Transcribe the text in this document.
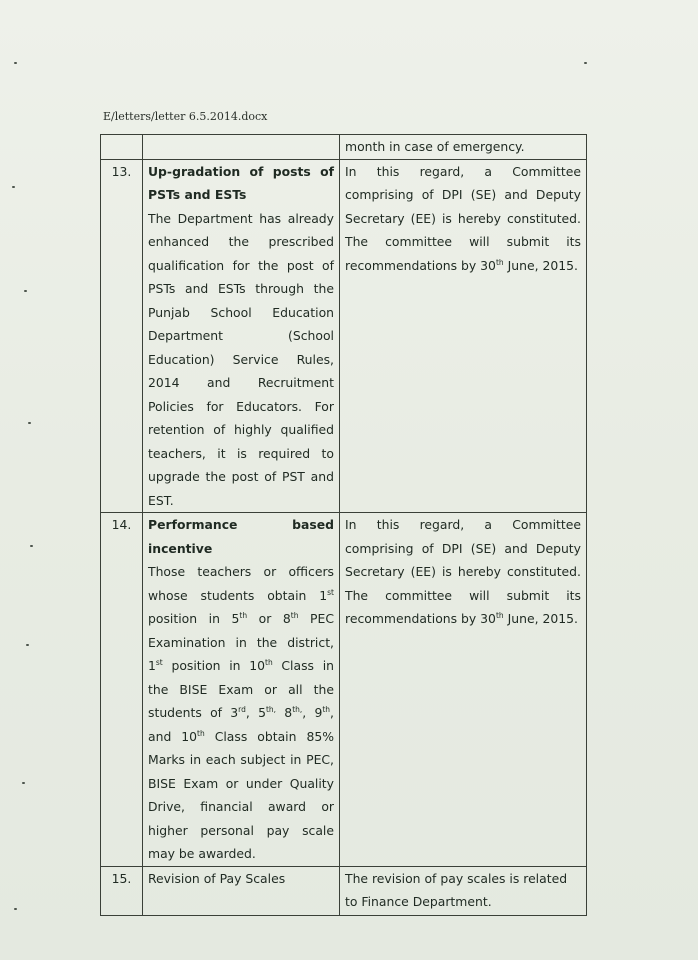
E/letters/letter 6.5.2014.docx
		month in case of emergency.
13.	Up-gradation of posts of
PSTs and ESTs
The Department has already enhanced the prescribed qualification for the post of PSTs and ESTs through the Punjab School Education Department (School Education) Service Rules, 2014 and Recruitment Policies for Educators. For retention of highly qualified teachers, it is required to upgrade the post of PST and EST.	In this regard, a Committee comprising of DPI (SE) and Deputy Secretary (EE) is hereby constituted. The committee will submit its recommendations by 30th June, 2015.
14.	Performance based
incentive
Those teachers or officers whose students obtain 1st position in 5th or 8th PEC Examination in the district, 1st position in 10th Class in the BISE Exam or all the students of 3rd, $5^{th,}$ $8^{th,}$, 9th, and 10th Class obtain 85% Marks in each subject in PEC, BISE Exam or under Quality Drive, financial award or higher personal pay scale may be awarded.	In this regard, a Committee comprising of DPI (SE) and Deputy Secretary (EE) is hereby constituted. The committee will submit its recommendations by 30th June, 2015.
15.	Revision of Pay Scales	The revision of pay scales is related to Finance Department.
